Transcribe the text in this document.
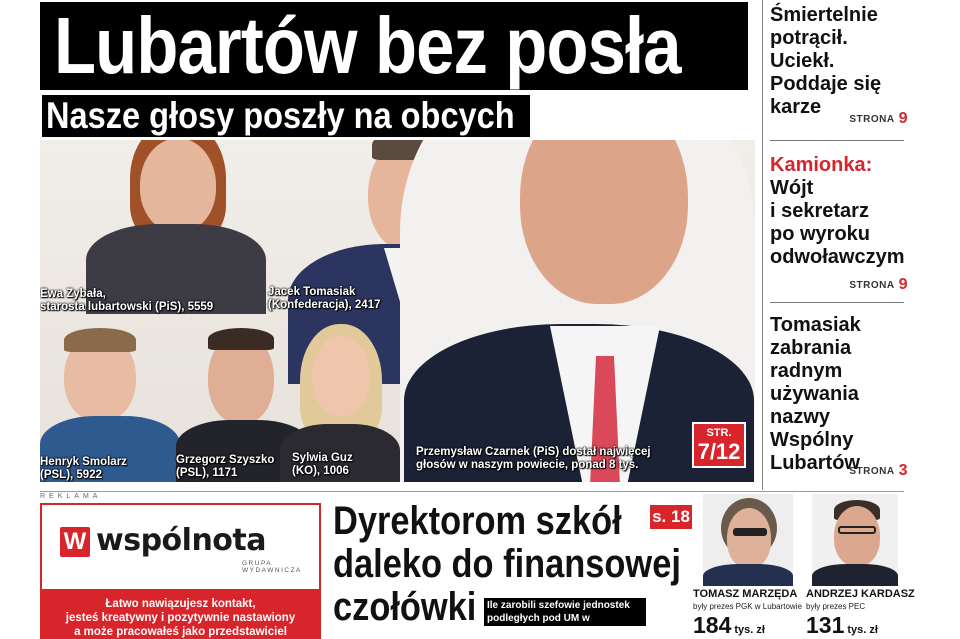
Lubartów bez posła
Nasze głosy poszły na obcych
Ewa Zybała,
starosta lubartowski (PiS), 5559
Jacek Tomasiak
(Konfederacja), 2417
Henryk Smolarz
(PSL), 5922
Grzegorz Szyszko
(PSL), 1171
Sylwia Guz
(KO), 1006
Przemysław Czarnek (PiS) dostał najwięcej
głosów w naszym powiecie, ponad 8 tys.
STR.
7/12
Śmiertelnie
potrącił.
Uciekł.
Poddaje się
karze
STRONA 9
Kamionka:
Wójt
i sekretarz
po wyroku
odwoławczym
STRONA 9
Tomasiak
zabrania
radnym
używania
nazwy Wspólny
Lubartów
STRONA 3
REKLAMA
W wspólnota
GRUPA WYDAWNICZA
Łatwo nawiązujesz kontakt,
jesteś kreatywny i pozytywnie nastawiony
a może pracowałeś jako przedstawiciel
Dyrektorom szkół
daleko do finansowej
czołówki
s. 18
Ile zarobili szefowie jednostek
podległych pod UM w Lubartowie?
TOMASZ MARZĘDA
były prezes PGK w Lubartowie
184 tys. zł
ANDRZEJ KARDASZ
były prezes PEC
131 tys. zł
